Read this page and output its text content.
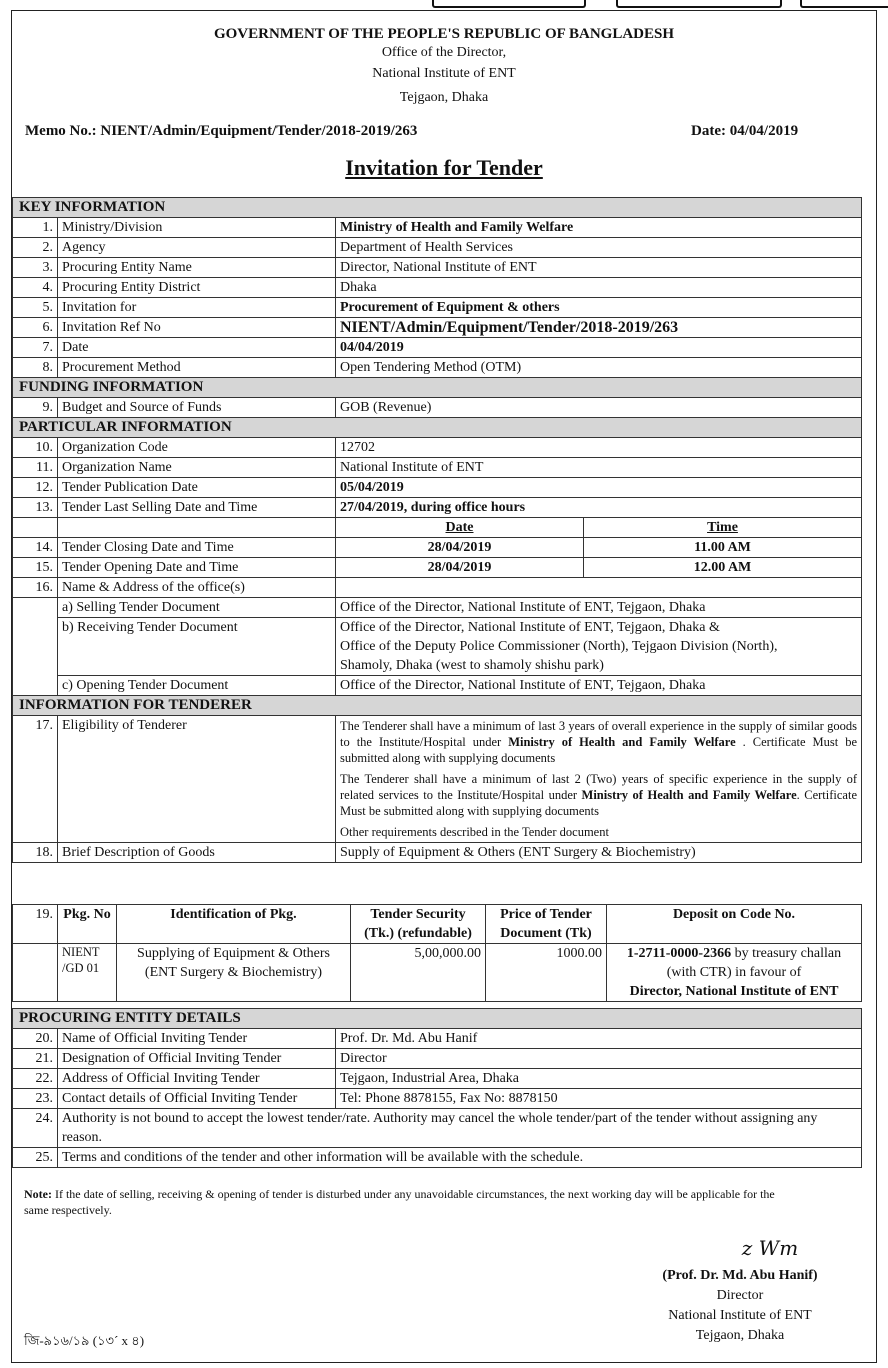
GOVERNMENT OF THE PEOPLE'S REPUBLIC OF BANGLADESH
Office of the Director,
National Institute of ENT
Tejgaon, Dhaka
Memo No.: NIENT/Admin/Equipment/Tender/2018-2019/263	Date: 04/04/2019
Invitation for Tender
KEY INFORMATION			
1.	Ministry/Division	Ministry of Health and Family Welfare	
2.	Agency	Department of Health Services	
3.	Procuring Entity Name	Director, National Institute of ENT	
4.	Procuring Entity District	Dhaka	
5.	Invitation for	Procurement of Equipment & others	
6.	Invitation Ref No	NIENT/Admin/Equipment/Tender/2018-2019/263	
7.	Date	04/04/2019	
8.	Procurement Method	Open Tendering Method (OTM)	
FUNDING INFORMATION			
9.	Budget and Source of Funds	GOB (Revenue)	
PARTICULAR INFORMATION			
10.	Organization Code	12702	
11.	Organization Name	National Institute of ENT	
12.	Tender Publication Date	05/04/2019	
13.	Tender Last Selling Date and Time	27/04/2019, during office hours	
		Date	Time
14.	Tender Closing Date and Time	28/04/2019	11.00 AM
15.	Tender Opening Date and Time	28/04/2019	12.00 AM
16.	Name & Address of the office(s)		
	a) Selling Tender Document	Office of the Director, National Institute of ENT, Tejgaon, Dhaka	
	b) Receiving Tender Document	Office of the Director, National Institute of ENT, Tejgaon, Dhaka &
Office of the Deputy Police Commissioner (North), Tejgaon Division (North),
Shamoly, Dhaka (west to shamoly shishu park)	

	c) Opening Tender Document	Office of the Director, National Institute of ENT, Tejgaon, Dhaka	
INFORMATION FOR TENDERER			
17.	Eligibility of Tenderer	The Tenderer shall have a minimum of last 3 years of overall experience in the supply of similar goods to the Institute/Hospital under Ministry of Health and Family Welfare . Certificate Must be submitted along with supplying documents
The Tenderer shall have a minimum of last 2 (Two) years of specific experience in the supply of related services to the Institute/Hospital under Ministry of Health and Family Welfare. Certificate Must be submitted along with supplying documents
Other requirements described in the Tender document	

18.	Brief Description of Goods	Supply of Equipment & Others (ENT Surgery & Biochemistry)	
19.	Pkg. No	Identification of Pkg.	Tender Security (Tk.) (refundable)	Price of Tender Document (Tk)	Deposit on Code No.
	NIENT /GD 01	Supplying of Equipment & Others (ENT Surgery & Biochemistry)	5,00,000.00	1000.00	1-2711-0000-2366 by treasury challan (with CTR) in favour of
Director, National Institute of ENT
PROCURING ENTITY DETAILS		
20.	Name of Official Inviting Tender	Prof. Dr. Md. Abu Hanif
21.	Designation of Official Inviting Tender	Director
22.	Address of Official Inviting Tender	Tejgaon, Industrial Area, Dhaka
23.	Contact details of Official Inviting Tender	Tel: Phone 8878155, Fax No: 8878150
24.	Authority is not bound to accept the lowest tender/rate. Authority may cancel the whole tender/part of the tender without assigning any reason.	
25.	Terms and conditions of the tender and other information will be available with the schedule.	
Note: If the date of selling, receiving & opening of tender is disturbed under any unavoidable circumstances, the next working day will be applicable for the same respectively.
z Wm
(Prof. Dr. Md. Abu Hanif)
Director
National Institute of ENT
Tejgaon, Dhaka
জি-৯১৬/১৯ (১৩´ x ৪)
